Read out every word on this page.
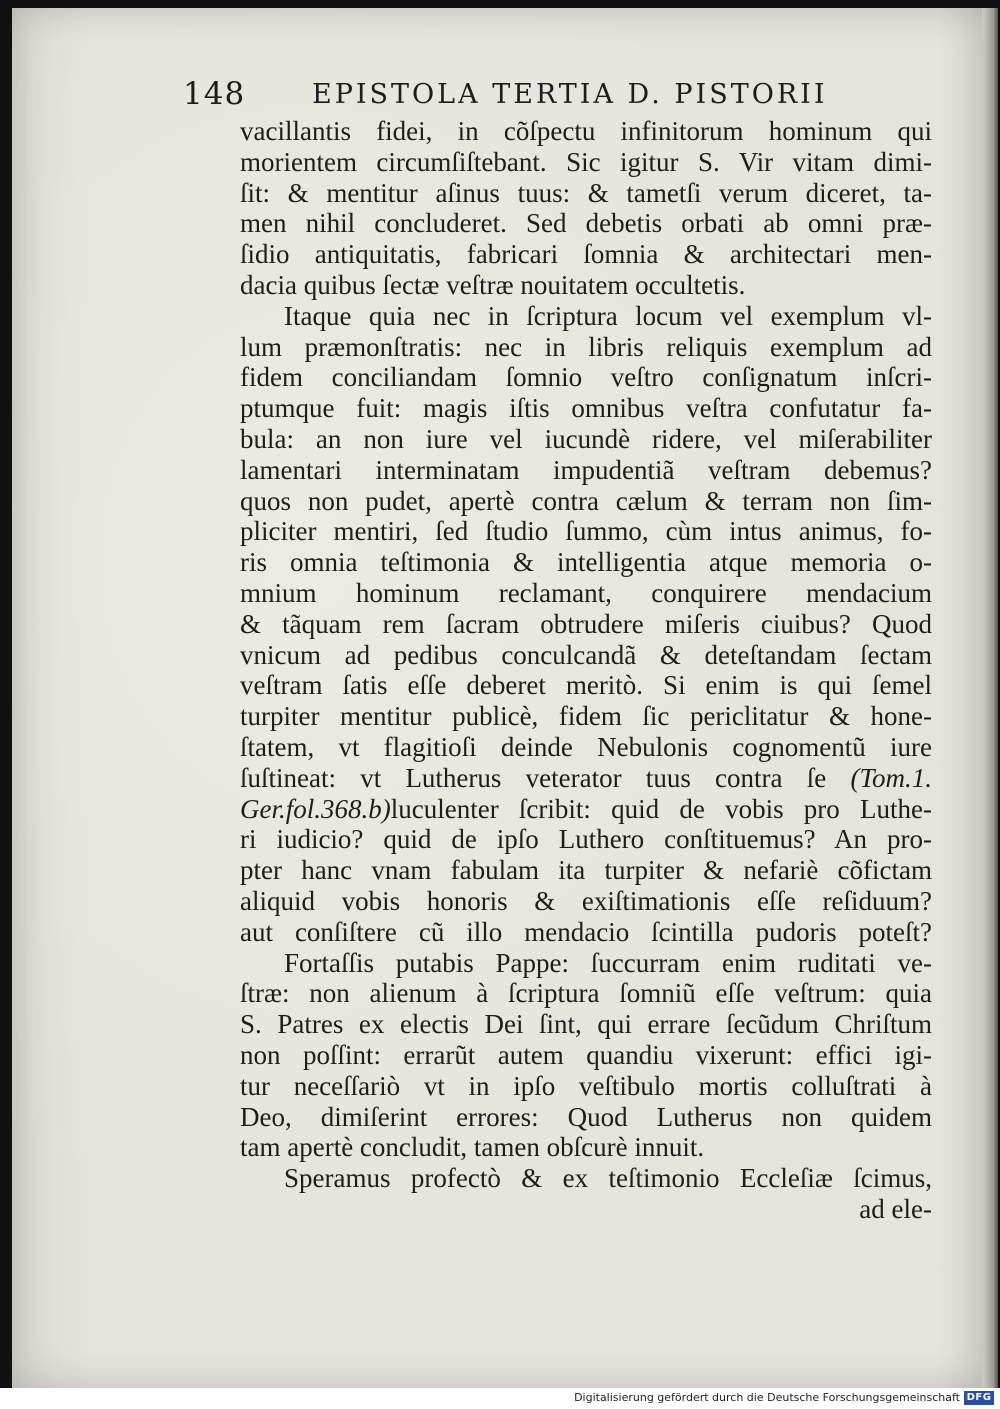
148 EPISTOLA TERTIA D. PISTORII
vacillantis fidei, in cõſpectu infinitorum hominum qui
morientem circumſiſtebant. Sic igitur S. Vir vitam dimi-
ſit: & mentitur aſinus tuus: & tametſi verum diceret, ta-
men nihil concluderet. Sed debetis orbati ab omni præ-
ſidio antiquitatis, fabricari ſomnia & architectari men-
dacia quibus ſectæ veſtræ nouitatem occultetis.
Itaque quia nec in ſcriptura locum vel exemplum vl-
lum præmonſtratis: nec in libris reliquis exemplum ad
fidem conciliandam ſomnio veſtro conſignatum inſcri-
ptumque fuit: magis iſtis omnibus veſtra confutatur fa-
bula: an non iure vel iucundè ridere, vel miſerabiliter
lamentari interminatam impudentiã veſtram debemus?
quos non pudet, apertè contra cælum & terram non ſim-
pliciter mentiri, ſed ſtudio ſummo, cùm intus animus, fo-
ris omnia teſtimonia & intelligentia atque memoria o-
mnium hominum reclamant, conquirere mendacium
& tãquam rem ſacram obtrudere miſeris ciuibus? Quod
vnicum ad pedibus conculcandã & deteſtandam ſectam
veſtram ſatis eſſe deberet meritò. Si enim is qui ſemel
turpiter mentitur publicè, fidem ſic periclitatur & hone-
ſtatem, vt flagitioſi deinde Nebulonis cognomentũ iure
ſuſtineat: vt Lutherus veterator tuus contra ſe (Tom.1.
Ger.fol.368.b)luculenter ſcribit: quid de vobis pro Luthe-
ri iudicio? quid de ipſo Luthero conſtituemus? An pro-
pter hanc vnam fabulam ita turpiter & nefariè cõfictam
aliquid vobis honoris & exiſtimationis eſſe reſiduum?
aut conſiſtere cũ illo mendacio ſcintilla pudoris poteſt?
Fortaſſis putabis Pappe: ſuccurram enim ruditati ve-
ſtræ: non alienum à ſcriptura ſomniũ eſſe veſtrum: quia
S. Patres ex electis Dei ſint, qui errare ſecũdum Chriſtum
non poſſint: errarũt autem quandiu vixerunt: effici igi-
tur neceſſariò vt in ipſo veſtibulo mortis colluſtrati à
Deo, dimiſerint errores: Quod Lutherus non quidem
tam apertè concludit, tamen obſcurè innuit.
Speramus profectò & ex teſtimonio Eccleſiæ ſcimus,
ad ele-
Digitalisierung gefördert durch die Deutsche Forschungsgemeinschaft DFG
